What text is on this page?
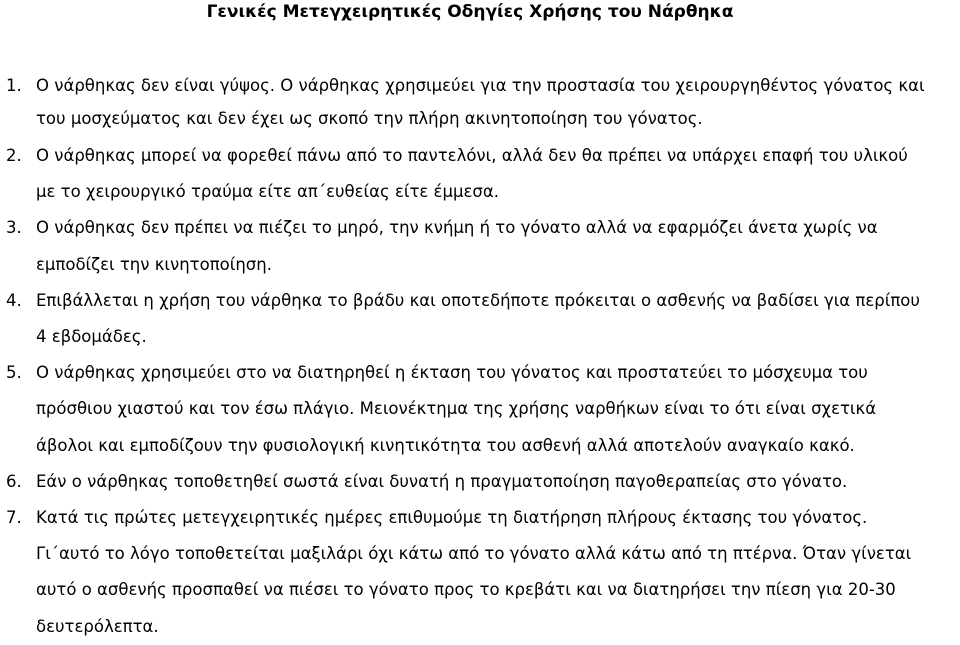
Γενικές Μετεγχειρητικές Οδηγίες Χρήσης του Νάρθηκα
1. Ο νάρθηκας δεν είναι γύψος. Ο νάρθηκας χρησιμεύει για την προστασία του χειρουργηθέντος γόνατος και του μοσχεύματος και δεν έχει ως σκοπό την πλήρη ακινητοποίηση του γόνατος.
2. Ο νάρθηκας μπορεί να φορεθεί πάνω από το παντελόνι, αλλά δεν θα πρέπει να υπάρχει επαφή του υλικού με το χειρουργικό τραύμα είτε απ΄ευθείας είτε έμμεσα.
3. Ο νάρθηκας δεν πρέπει να πιέζει το μηρό, την κνήμη ή το γόνατο αλλά να εφαρμόζει άνετα χωρίς να εμποδίζει την κινητοποίηση.
4. Επιβάλλεται η χρήση του νάρθηκα το βράδυ και οποτεδήποτε πρόκειται ο ασθενής να βαδίσει για περίπου 4 εβδομάδες.
5. Ο νάρθηκας χρησιμεύει στο να διατηρηθεί η έκταση του γόνατος και προστατεύει το μόσχευμα του πρόσθιου χιαστού και τον έσω πλάγιο. Μειονέκτημα της χρήσης ναρθήκων είναι το ότι είναι σχετικά άβολοι και εμποδίζουν την φυσιολογική κινητικότητα του ασθενή αλλά αποτελούν αναγκαίο κακό.
6. Εάν ο νάρθηκας τοποθετηθεί σωστά είναι δυνατή η πραγματοποίηση παγοθεραπείας στο γόνατο.
7. Κατά τις πρώτες μετεγχειρητικές ημέρες επιθυμούμε τη διατήρηση πλήρους έκτασης του γόνατος. Γι΄αυτό το λόγο τοποθετείται μαξιλάρι όχι κάτω από το γόνατο αλλά κάτω από τη πτέρνα. Όταν γίνεται αυτό ο ασθενής προσπαθεί να πιέσει το γόνατο προς το κρεβάτι και να διατηρήσει την πίεση για 20-30 δευτερόλεπτα.
